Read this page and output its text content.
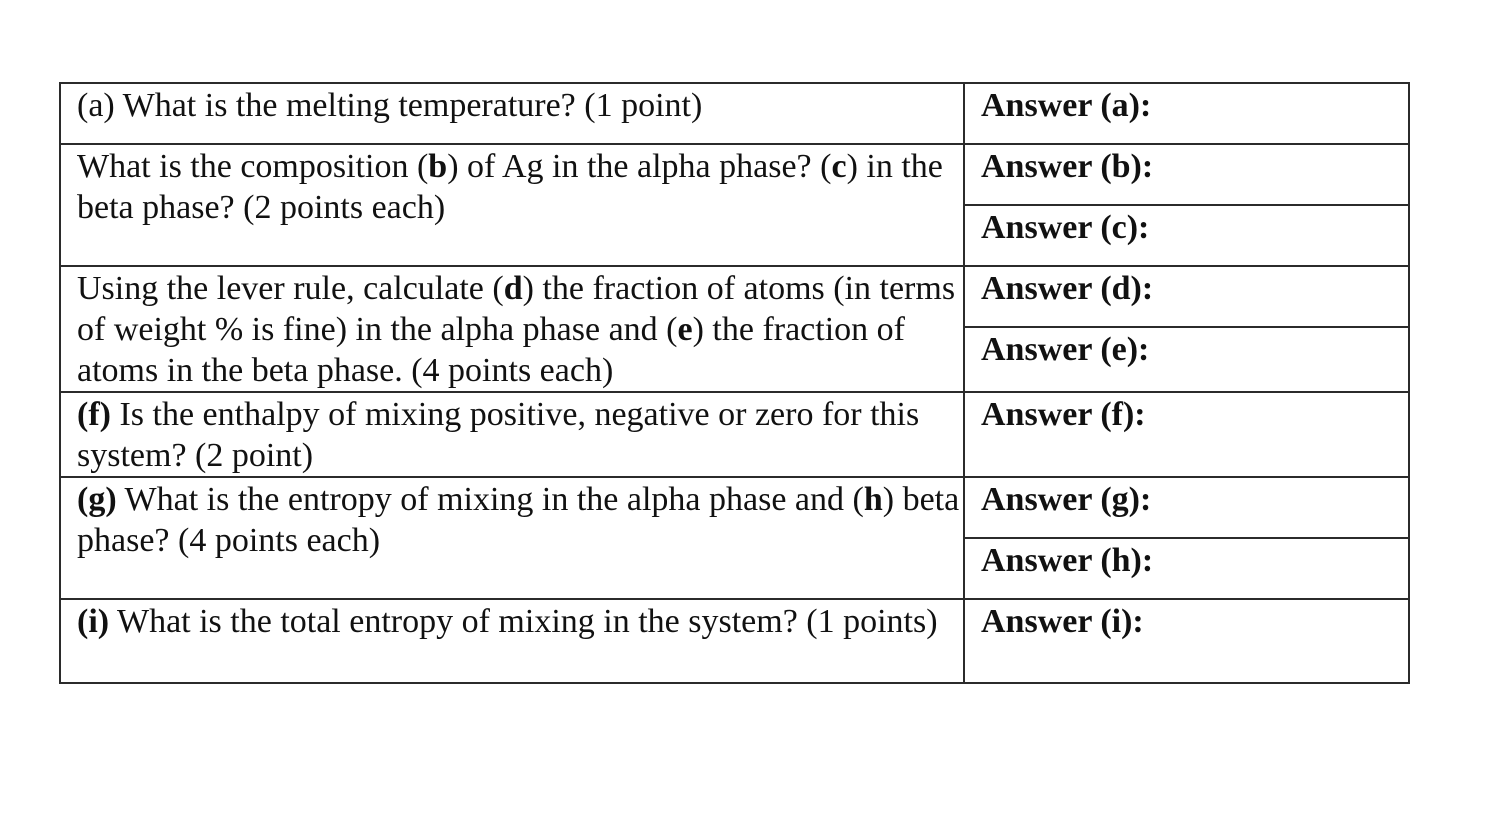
(a) What is the melting temperature? (1 point)	Answer (a):

What is the composition (b) of Ag in the alpha phase? (c) in the beta phase? (2 points each)	Answer (b):

	Answer (c):

Using the lever rule, calculate (d) the fraction of atoms (in terms of weight % is fine) in the alpha phase and (e) the fraction of atoms in the beta phase. (4 points each)	Answer (d):

	Answer (e):

(f) Is the enthalpy of mixing positive, negative or zero for this system? (2 point)	Answer (f):

(g) What is the entropy of mixing in the alpha phase and (h) beta phase? (4 points each)	Answer (g):

	Answer (h):

(i) What is the total entropy of mixing in the system? (1 points)	Answer (i):
